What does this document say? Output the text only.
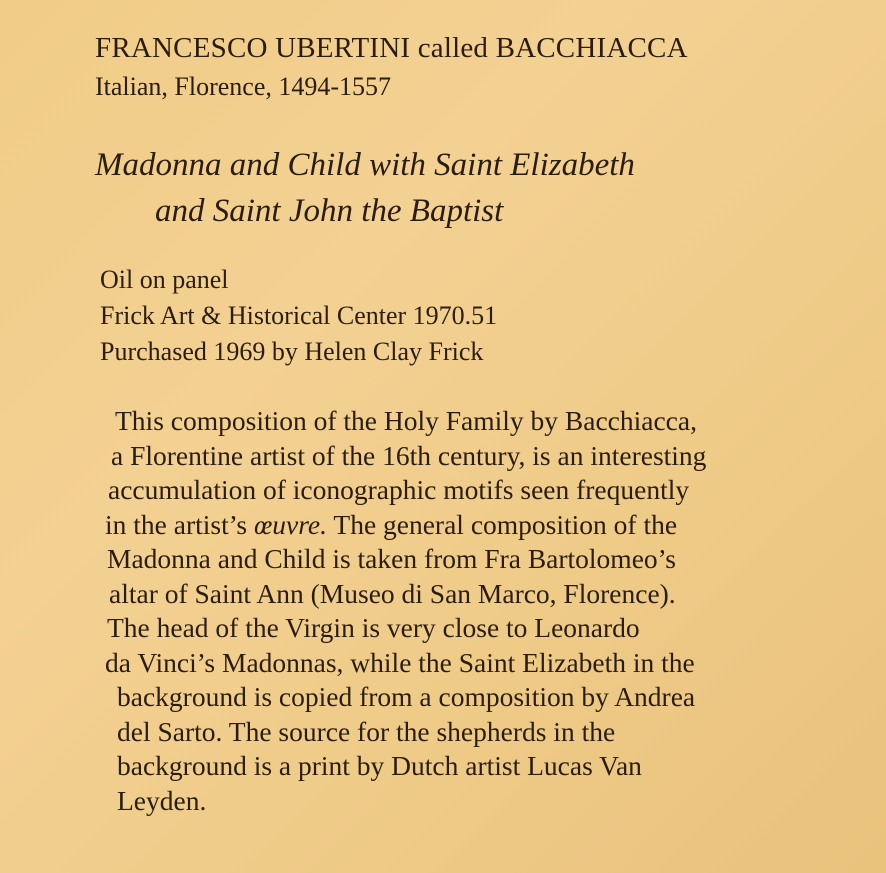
FRANCESCO UBERTINI called BACCHIACCA
Italian, Florence, 1494-1557
Madonna and Child with Saint Elizabeth
and Saint John the Baptist
Oil on panel
Frick Art & Historical Center 1970.51
Purchased 1969 by Helen Clay Frick
This composition of the Holy Family by Bacchiacca,
a Florentine artist of the 16th century, is an interesting
accumulation of iconographic motifs seen frequently
in the artist’s œuvre. The general composition of the
Madonna and Child is taken from Fra Bartolomeo’s
altar of Saint Ann (Museo di San Marco, Florence).
The head of the Virgin is very close to Leonardo
da Vinci’s Madonnas, while the Saint Elizabeth in the
background is copied from a composition by Andrea
del Sarto. The source for the shepherds in the
background is a print by Dutch artist Lucas Van
Leyden.
